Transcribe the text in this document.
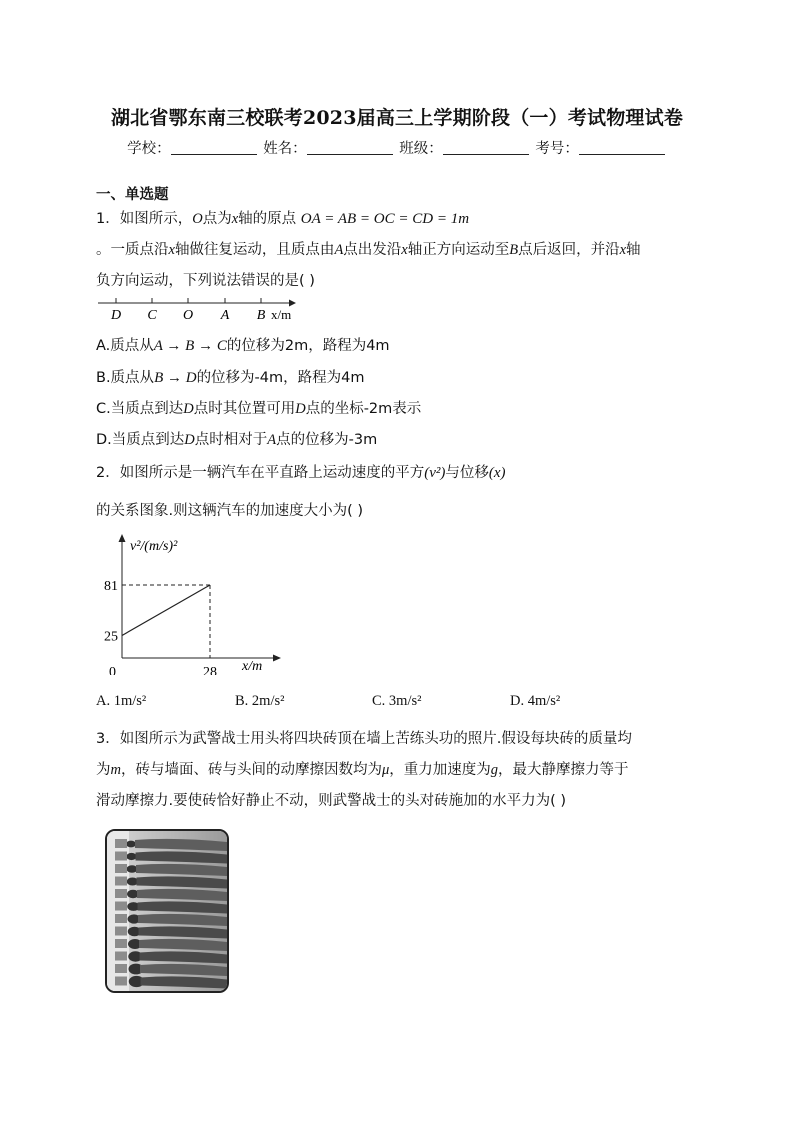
湖北省鄂东南三校联考2023届高三上学期阶段（一）考试物理试卷
学校：	姓名：	班级：	考号：
一、单选题
1．如图所示，O点为x轴的原点 OA = AB = OC = CD = 1m
。一质点沿x轴做往复运动，且质点由A点出发沿x轴正方向运动至B点后返回，并沿x轴
负方向运动，下列说法错误的是( )
D C O A B x/m
A.质点从A → B → C的位移为2m，路程为4m
B.质点从B → D的位移为-4m，路程为4m
C.当质点到达D点时其位置可用D点的坐标-2m表示
D.当质点到达D点时相对于A点的位移为-3m
2．如图所示是一辆汽车在平直路上运动速度的平方(v²)与位移(x)
的关系图象.则这辆汽车的加速度大小为( )
v²/(m/s)²
x/m
25
81
0	28
A. 1m/s²	B. 2m/s²	C. 3m/s²	D. 4m/s²
3．如图所示为武警战士用头将四块砖顶在墙上苦练头功的照片.假设每块砖的质量均
为m，砖与墙面、砖与头间的动摩擦因数均为μ，重力加速度为g，最大静摩擦力等于
滑动摩擦力.要使砖恰好静止不动，则武警战士的头对砖施加的水平力为( )
